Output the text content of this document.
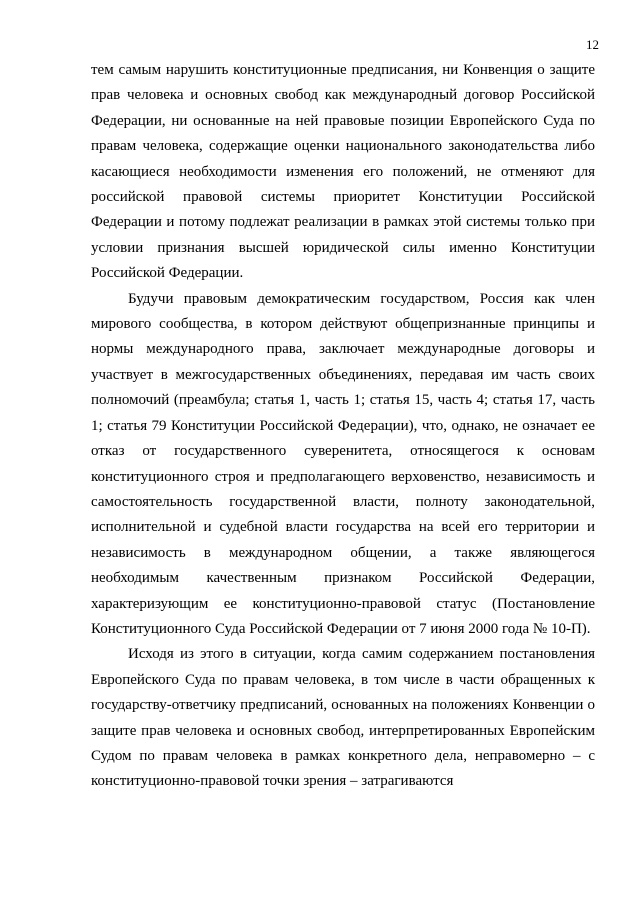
12

тем самым нарушить конституционные предписания, ни Конвенция о защите прав человека и основных свобод как международный договор Российской Федерации, ни основанные на ней правовые позиции Европейского Суда по правам человека, содержащие оценки национального законодательства либо касающиеся необходимости изменения его положений, не отменяют для российской правовой системы приоритет Конституции Российской Федерации и потому подлежат реализации в рамках этой системы только при условии признания высшей юридической силы именно Конституции Российской Федерации.

Будучи правовым демократическим государством, Россия как член мирового сообщества, в котором действуют общепризнанные принципы и нормы международного права, заключает международные договоры и участвует в межгосударственных объединениях, передавая им часть своих полномочий (преамбула; статья 1, часть 1; статья 15, часть 4; статья 17, часть 1; статья 79 Конституции Российской Федерации), что, однако, не означает ее отказ от государственного суверенитета, относящегося к основам конституционного строя и предполагающего верховенство, независимость и самостоятельность государственной власти, полноту законодательной, исполнительной и судебной власти государства на всей его территории и независимость в международном общении, а также являющегося необходимым качественным признаком Российской Федерации, характеризующим ее конституционно-правовой статус (Постановление Конституционного Суда Российской Федерации от 7 июня 2000 года № 10-П).

Исходя из этого в ситуации, когда самим содержанием постановления Европейского Суда по правам человека, в том числе в части обращенных к государству-ответчику предписаний, основанных на положениях Конвенции о защите прав человека и основных свобод, интерпретированных Европейским Судом по правам человека в рамках конкретного дела, неправомерно – с конституционно-правовой точки зрения – затрагиваются
